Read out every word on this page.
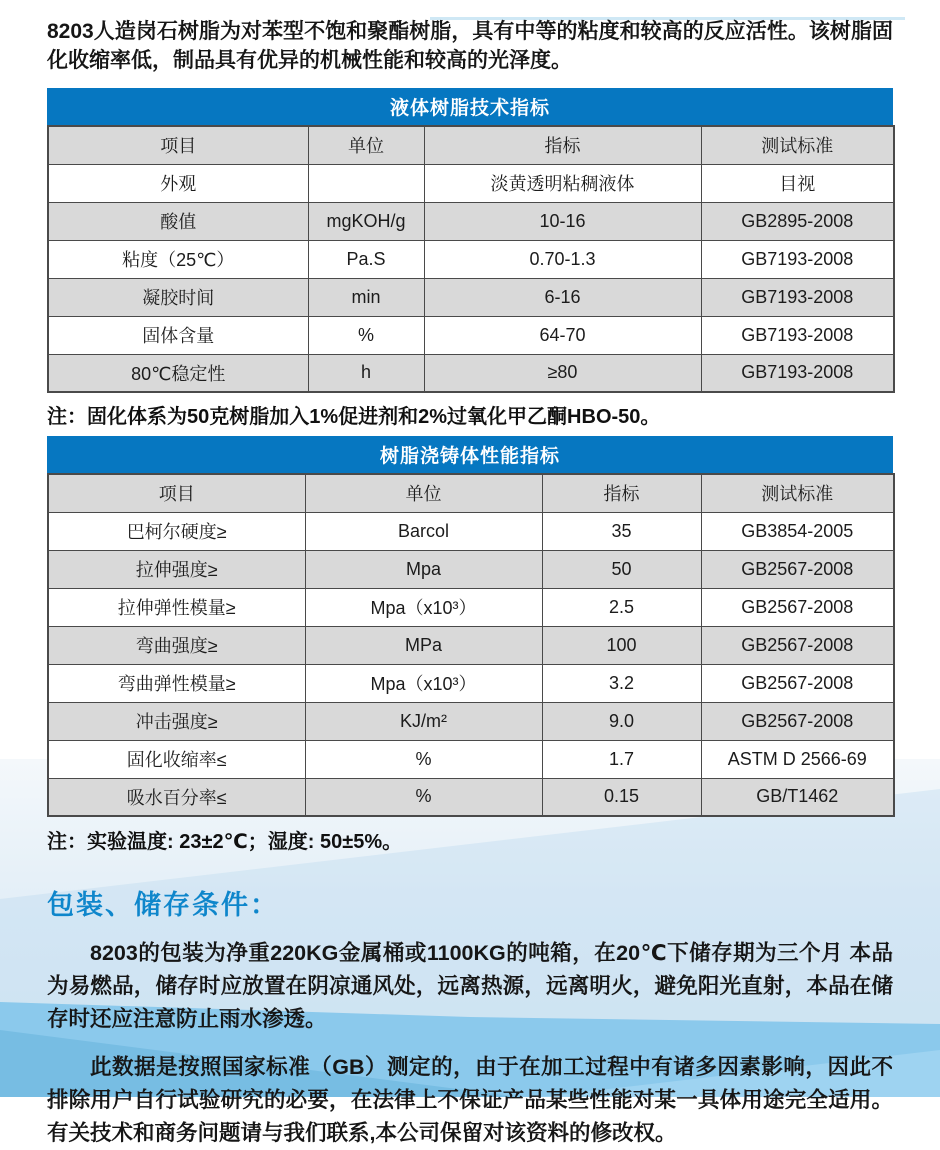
8203人造岗石树脂为对苯型不饱和聚酯树脂，具有中等的粘度和较高的反应活性。该树脂固化收缩率低，制品具有优异的机械性能和较高的光泽度。

液体树脂技术指标
项目	单位	指标	测试标准
外观		淡黄透明粘稠液体	目视
酸值	mgKOH/g	10-16	GB2895-2008
粘度（25℃）	Pa.S	0.70-1.3	GB7193-2008
凝胶时间	min	6-16	GB7193-2008
固体含量	%	64-70	GB7193-2008
80℃稳定性	h	≥80	GB7193-2008

注：固化体系为50克树脂加入1%促进剂和2%过氧化甲乙酮HBO-50。

树脂浇铸体性能指标
项目	单位	指标	测试标准
巴柯尔硬度≥	Barcol	35	GB3854-2005
拉伸强度≥	Mpa	50	GB2567-2008
拉伸弹性模量≥	Mpa（x10³）	2.5	GB2567-2008
弯曲强度≥	MPa	100	GB2567-2008
弯曲弹性模量≥	Mpa（x10³）	3.2	GB2567-2008
冲击强度≥	KJ/m²	9.0	GB2567-2008
固化收缩率≤	%	1.7	ASTM D 2566-69
吸水百分率≤	%	0.15	GB/T1462

注：实验温度: 23±2℃；湿度: 50±5%。

包装、储存条件：

8203的包装为净重220KG金属桶或1100KG的吨箱，在20℃下储存期为三个月 本品为易燃品，储存时应放置在阴凉通风处，远离热源，远离明火，避免阳光直射，本品在储存时还应注意防止雨水渗透。

此数据是按照国家标准（GB）测定的，由于在加工过程中有诸多因素影响，因此不排除用户自行试验研究的必要，在法律上不保证产品某些性能对某一具体用途完全适用。有关技术和商务问题请与我们联系,本公司保留对该资料的修改权。
